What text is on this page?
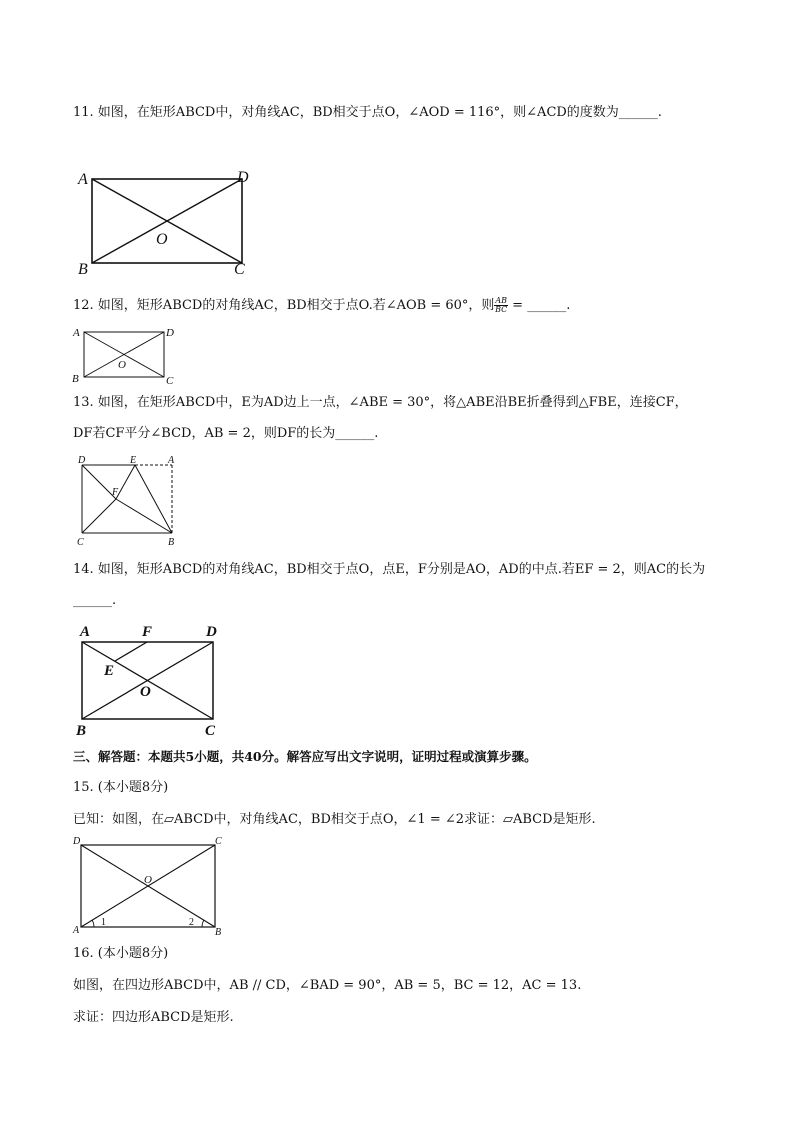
11. 如图，在矩形ABCD中，对角线AC，BD相交于点O，∠AOD = 116°，则∠ACD的度数为______.
A	D
B	C
O
12. 如图，矩形ABCD的对角线AC，BD相交于点O.若∠AOB = 60°，则 $\frac{AB}{BC}$ = ______.
A	D
B	C
O
13. 如图，在矩形ABCD中，E为AD边上一点，∠ABE = 30°，将△ABE沿BE折叠得到△FBE，连接CF，
DF若CF平分∠BCD，AB = 2，则DF的长为______.
D	E	A
F
C	B
14. 如图，矩形ABCD的对角线AC，BD相交于点O，点E，F分别是AO，AD的中点.若EF = 2，则AC的长为
______.
A	F	D
E
O
B	C
三、解答题：本题共5小题，共40分。解答应写出文字说明，证明过程或演算步骤。
15. (本小题8分)
已知：如图，在▱ABCD中，对角线AC，BD相交于点O，∠1 = ∠2求证：▱ABCD是矩形.
D	C
A	B
O
1	2
16. (本小题8分)
如图，在四边形ABCD中，AB // CD，∠BAD = 90°，AB = 5，BC = 12，AC = 13.
求证：四边形ABCD是矩形.
